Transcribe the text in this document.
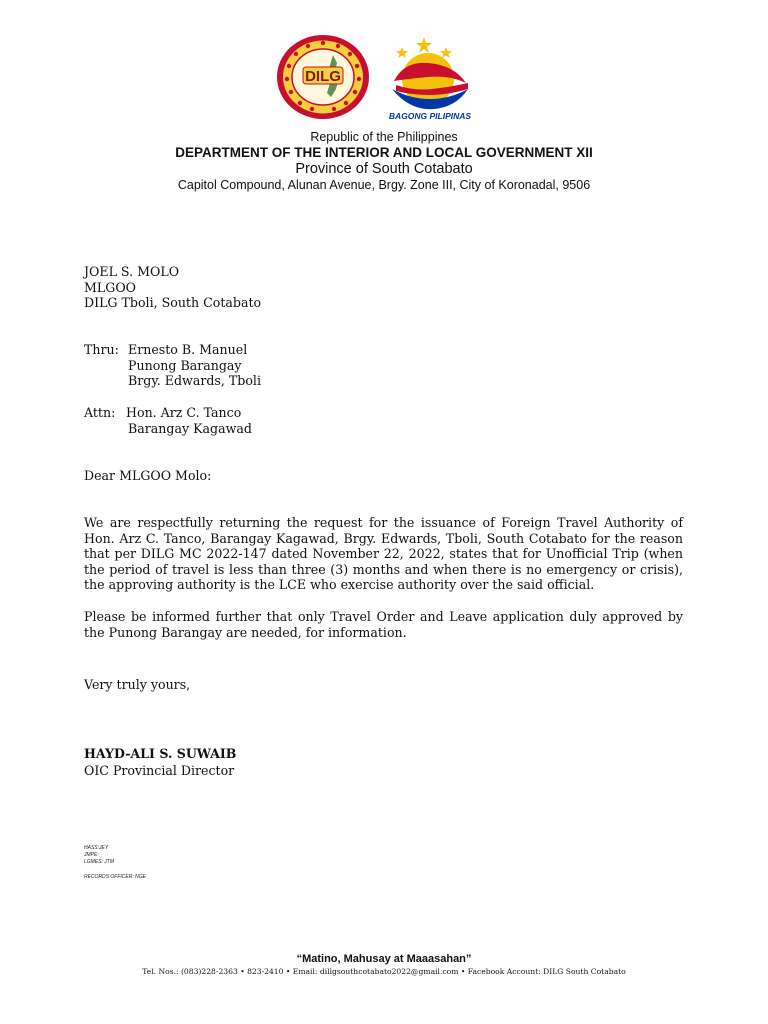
DILG
BAGONG PILIPINAS
Republic of the Philippines
DEPARTMENT OF THE INTERIOR AND LOCAL GOVERNMENT XII
Province of South Cotabato
Capitol Compound, Alunan Avenue, Brgy. Zone III, City of Koronadal, 9506
JOEL S. MOLO
MLGOO
DILG Tboli, South Cotabato
Thru: Ernesto B. Manuel
Punong Barangay
Brgy. Edwards, Tboli
Attn: Hon. Arz C. Tanco
Barangay Kagawad
Dear MLGOO Molo:
We are respectfully returning the request for the issuance of Foreign Travel Authority of Hon. Arz C. Tanco, Barangay Kagawad, Brgy. Edwards, Tboli, South Cotabato for the reason that per DILG MC 2022-147 dated November 22, 2022, states that for Unofficial Trip (when the period of travel is less than three (3) months and when there is no emergency or crisis), the approving authority is the LCE who exercise authority over the said official.
Please be informed further that only Travel Order and Leave application duly approved by the Punong Barangay are needed, for information.
Very truly yours,
HAYD-ALI S. SUWAIB
OIC Provincial Director
HASS:JEY
JMPE:
LGMES: JTM
RECORDS OFFICER: NGE
“Matino, Mahusay at Maaasahan”
Tel. Nos.: (083)228-2363 • 823-2410 • Email: dillgsouthcotabato2022@gmail.com • Facebook Account: DILG South Cotabato
